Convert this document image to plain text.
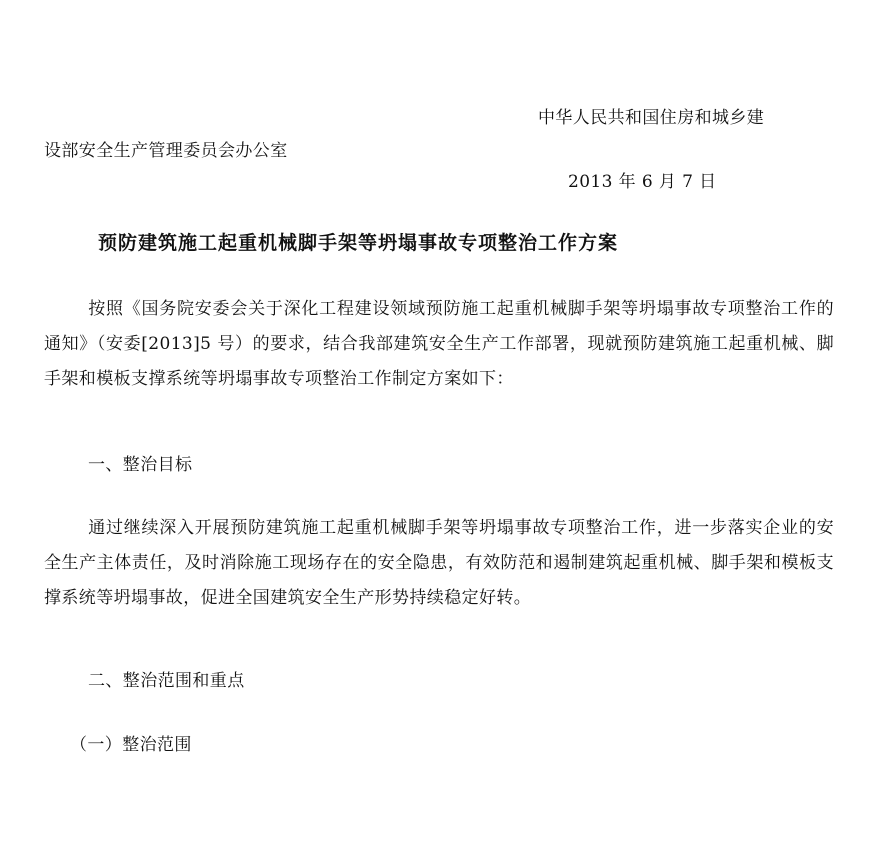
中华人民共和国住房和城乡建
设部安全生产管理委员会办公室
2013 年 6 月 7 日
预防建筑施工起重机械脚手架等坍塌事故专项整治工作方案
按照《国务院安委会关于深化工程建设领域预防施工起重机械脚手架等坍塌事故专项整治工作的通知》（安委[2013]5 号）的要求，结合我部建筑安全生产工作部署，现就预防建筑施工起重机械、脚手架和模板支撑系统等坍塌事故专项整治工作制定方案如下：
一、整治目标
通过继续深入开展预防建筑施工起重机械脚手架等坍塌事故专项整治工作，进一步落实企业的安全生产主体责任，及时消除施工现场存在的安全隐患，有效防范和遏制建筑起重机械、脚手架和模板支撑系统等坍塌事故，促进全国建筑安全生产形势持续稳定好转。
二、整治范围和重点
（一）整治范围
